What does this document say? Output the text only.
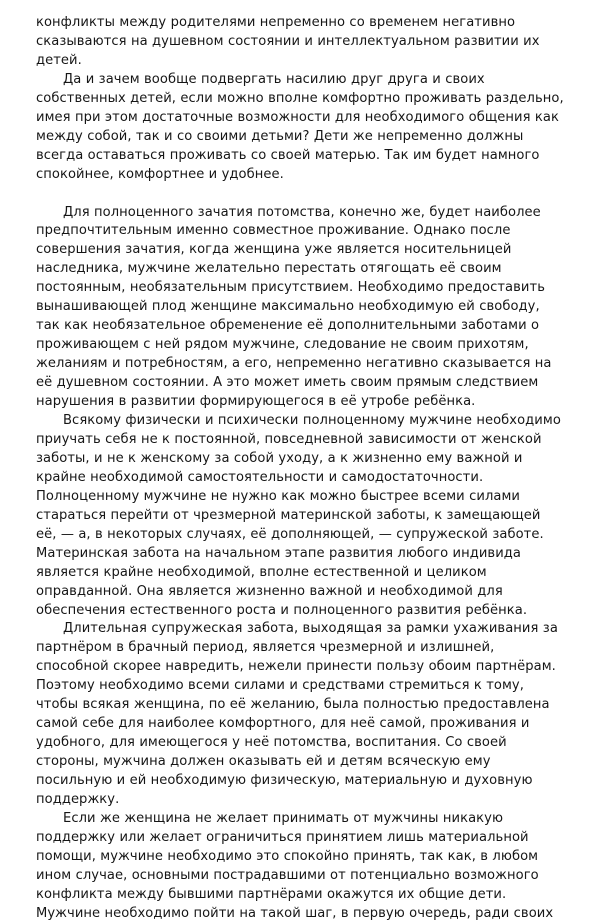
конфликты между родителями непременно со временем негативно сказываются на душевном состоянии и интеллектуальном развитии их детей.

Да и зачем вообще подвергать насилию друг друга и своих собственных детей, если можно вполне комфортно проживать раздельно, имея при этом достаточные возможности для необходимого общения как между собой, так и со своими детьми? Дети же непременно должны всегда оставаться проживать со своей матерью. Так им будет намного спокойнее, комфортнее и удобнее.

Для полноценного зачатия потомства, конечно же, будет наиболее предпочтительным именно совместное проживание. Однако после совершения зачатия, когда женщина уже является носительницей наследника, мужчине желательно перестать отягощать её своим постоянным, необязательным присутствием. Необходимо предоставить вынашивающей плод женщине максимально необходимую ей свободу, так как необязательное обременение её дополнительными заботами о проживающем с ней рядом мужчине, следование не своим прихотям, желаниям и потребностям, а его, непременно негативно сказывается на её душевном состоянии. А это может иметь своим прямым следствием нарушения в развитии формирующегося в её утробе ребёнка.

Всякому физически и психически полноценному мужчине необходимо приучать себя не к постоянной, повседневной зависимости от женской заботы, и не к женскому за собой уходу, а к жизненно ему важной и крайне необходимой самостоятельности и самодостаточности. Полноценному мужчине не нужно как можно быстрее всеми силами стараться перейти от чрезмерной материнской заботы, к замещающей её, — а, в некоторых случаях, её дополняющей, — супружеской заботе. Материнская забота на начальном этапе развития любого индивида является крайне необходимой, вполне естественной и целиком оправданной. Она является жизненно важной и необходимой для обеспечения естественного роста и полноценного развития ребёнка.

Длительная супружеская забота, выходящая за рамки ухаживания за партнёром в брачный период, является чрезмерной и излишней, способной скорее навредить, нежели принести пользу обоим партнёрам. Поэтому необходимо всеми силами и средствами стремиться к тому, чтобы всякая женщина, по её желанию, была полностью предоставлена самой себе для наиболее комфортного, для неё самой, проживания и удобного, для имеющегося у неё потомства, воспитания. Со своей стороны, мужчина должен оказывать ей и детям всяческую ему посильную и ей необходимую физическую, материальную и духовную поддержку.

Если же женщина не желает принимать от мужчины никакую поддержку или желает ограничиться принятием лишь материальной помощи, мужчине необходимо это спокойно принять, так как, в любом ином случае, основными пострадавшими от потенциально возможного конфликта между бывшими партнёрами окажутся их общие дети. Мужчине необходимо пойти на такой шаг, в первую очередь, ради своих
